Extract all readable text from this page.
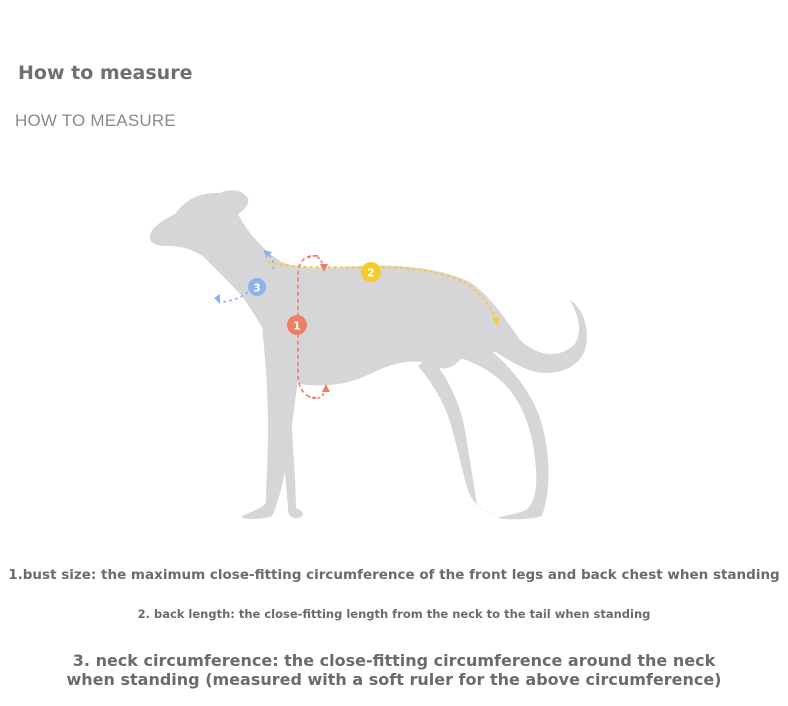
How to measure
HOW TO MEASURE
3
2
1
1.bust size: the maximum close-fitting circumference of the front legs and back chest when standing
2. back length: the close-fitting length from the neck to the tail when standing
3. neck circumference: the close-fitting circumference around the neck when standing (measured with a soft ruler for the above circumference)
